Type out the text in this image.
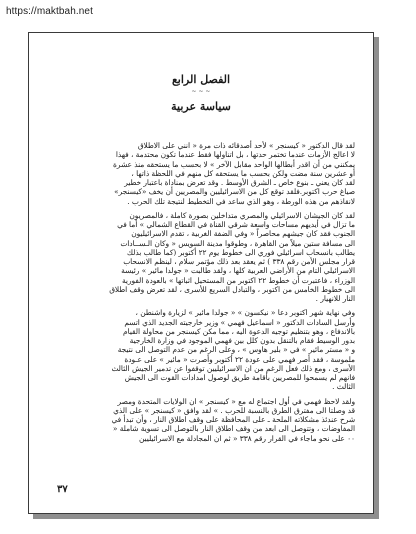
https://maktbah.net
الفصل الرابع
~ ~ ~
سياسة عربية
لقد قال الدكتور « كيسنجر » لأحد أصدقائه ذات مرة « انني على الاطلاق
لا اعالج الأزمات عندما تختمر حدتها ، بل اتناولها فقط عندما تكون محتدمة ، فهذا
يمكنني من أن اقدر أبطالها الواحد مقابل الآخر » لا بحسب ما يستحقه منذ عشرة
أو عشرين سنة مضت ولكن بحسب ما يستحقه كل منهم في اللحظة ذاتها ،
لقد كان يعني ـ بنوع خاص ـ الشرق الأوسط . وقد تعرض بمناداة باعتبار خطير
صياغ حرب اكتوبر.فلقد توقع كل من الاسرائيليين والمصريين أن يخف «كيسنجر»
لانقاذهم من هذه الورطة ، وهو الذي ساعد في التخطيط لنتيجة تلك الحرب .
لقد كان الجيشان الاسرائيلي والمصري متداخلين بصورة كاملة ، فالمصريون
ما تزال في أيديهم مساحات واسعة شرقي القناة في القطاع الشمالي » أما في
الجنوب فقد كان جيشهم محاصراً « وفي الضفة الغربية ، تقدم الاسرائيليون
الى مسافة ستين ميلاً من القاهرة ، وطوقوا مدينة السويس « وكان الـســادات
يطالب بانسحاب اسرائيلي فوري الى خطوط يوم ٢٢ أكتوبر (كما طالب بذلك
قرار مجلس الأمن رقم ٣٣٨ ) ثم يعقد بعد ذلك مؤتمر سلام ، لينظم الانسحاب
الاسرائيلي التام من الأراضي العربية كلها ، ولقد طالبت « جولدا مائير » رئيسة
الوزراء ، فاعتبرت أن خطوط ٢٢ اكتوبر من المستحيل اثباتها » بالعودة الفورية
الى خطوط الخامس من اكتوبر ، والتبادل السريع للأسرى ، لقد تعرض وقف اطلاق
النار للانهيار .
وفي نهاية شهر اكتوبر دعا « نيكسون » « جولدا مائير » لزيارة واشنطن ،
وأرسل السادات الدكتور « اسماعيل فهمي » وزير خارجيته الجديد الذي اتسم
بالاندفاع ، وهو بتنظيم توجيه الدعوة اليه ، مما مكن كيسنجر من محاولة القيام
بدور الوسيط فقام بالتنقل بدون كلل بين فهمي الموجود في وزارة الخارجية
و « مستر مائير » في « بلير هاوس » ، وعلى الرغم من عدم التوصل الى نتيجة
ملموسة ، فقد أصر فهمي على عودة ٢٢ أكتوبر وأصرت « مائير » على عـودة
الأسرى ، ومع ذلك فعل الرغم من ان الاسرائيليين توقفوا عن تدمير الجيش الثالث
فانهم لم يسمحوا للمصريين بأقامة طريق لوصول امدادات القوت الى الجيش
الثالث .
ولقد لاحظ فهمي في أول اجتماع له مع « كيسنجر » ان الولايات المتحدة ومصر
قد وصلتا الى مفترق الطرق بالنسبة للحرب . » لقد وافق « كيسنجر » على الذي
شرح عندئذ مشكلاته الملحة ـ على المحافظة على وقف اطلاق النار ، وأن تبدأ في
المفاوضات ، وتتوصل الى ابعد من وقف اطلاق النار بالتوصل الى تسوية شاملة «
٠٠ على نحو ماجاء في القرار رقم ٣٣٨ « ثم ان المجادلة مع الاسرائيليين
٣٧
